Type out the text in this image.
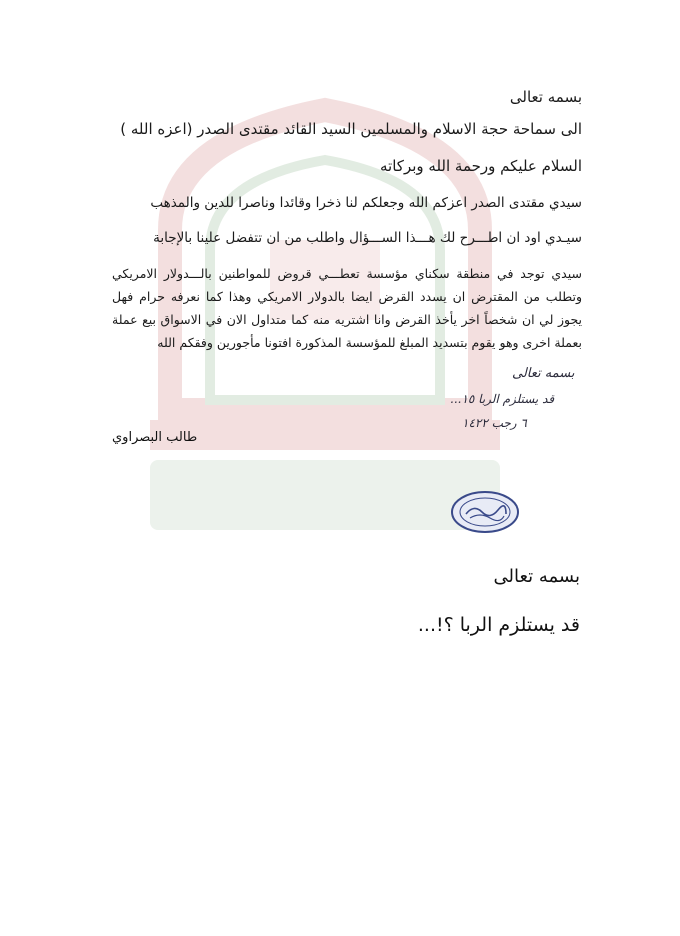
بسمه تعالى
الى سماحة حجة الاسلام والمسلمين السيد القائد مقتدى الصدر (اعزه الله )
السلام عليكم ورحمة الله وبركاته
سيدي مقتدى الصدر اعزكم الله وجعلكم لنا ذخرا وقائدا وناصرا للدين والمذهب
سيـدي اود ان اطـــرح لك هـــذا الســـؤال واطلب من ان تتفضل علينا بالإجابة
سيدي توجد في منطقة سكناي مؤسسة تعطـــي قروض للمواطنين بالـــدولار الامريكي وتطلب من المقترض ان يسدد القرض ايضا بالدولار الامريكي وهذا كما نعرفه حرام فهل يجوز لي ان شخصاً اخر يأخذ القرض وانا اشتريه منه كما متداول الان في الاسواق بيع عملة بعملة اخرى وهو يقوم بتسديد المبلغ للمؤسسة المذكورة افتونا مأجورين وفقكم الله
بسمه تعالى
قد يستلزم الربا ١٥...
٦ رجب ١٤٢٢
طالب البصراوي
بسمه تعالى
قد يستلزم الربا ؟!...
